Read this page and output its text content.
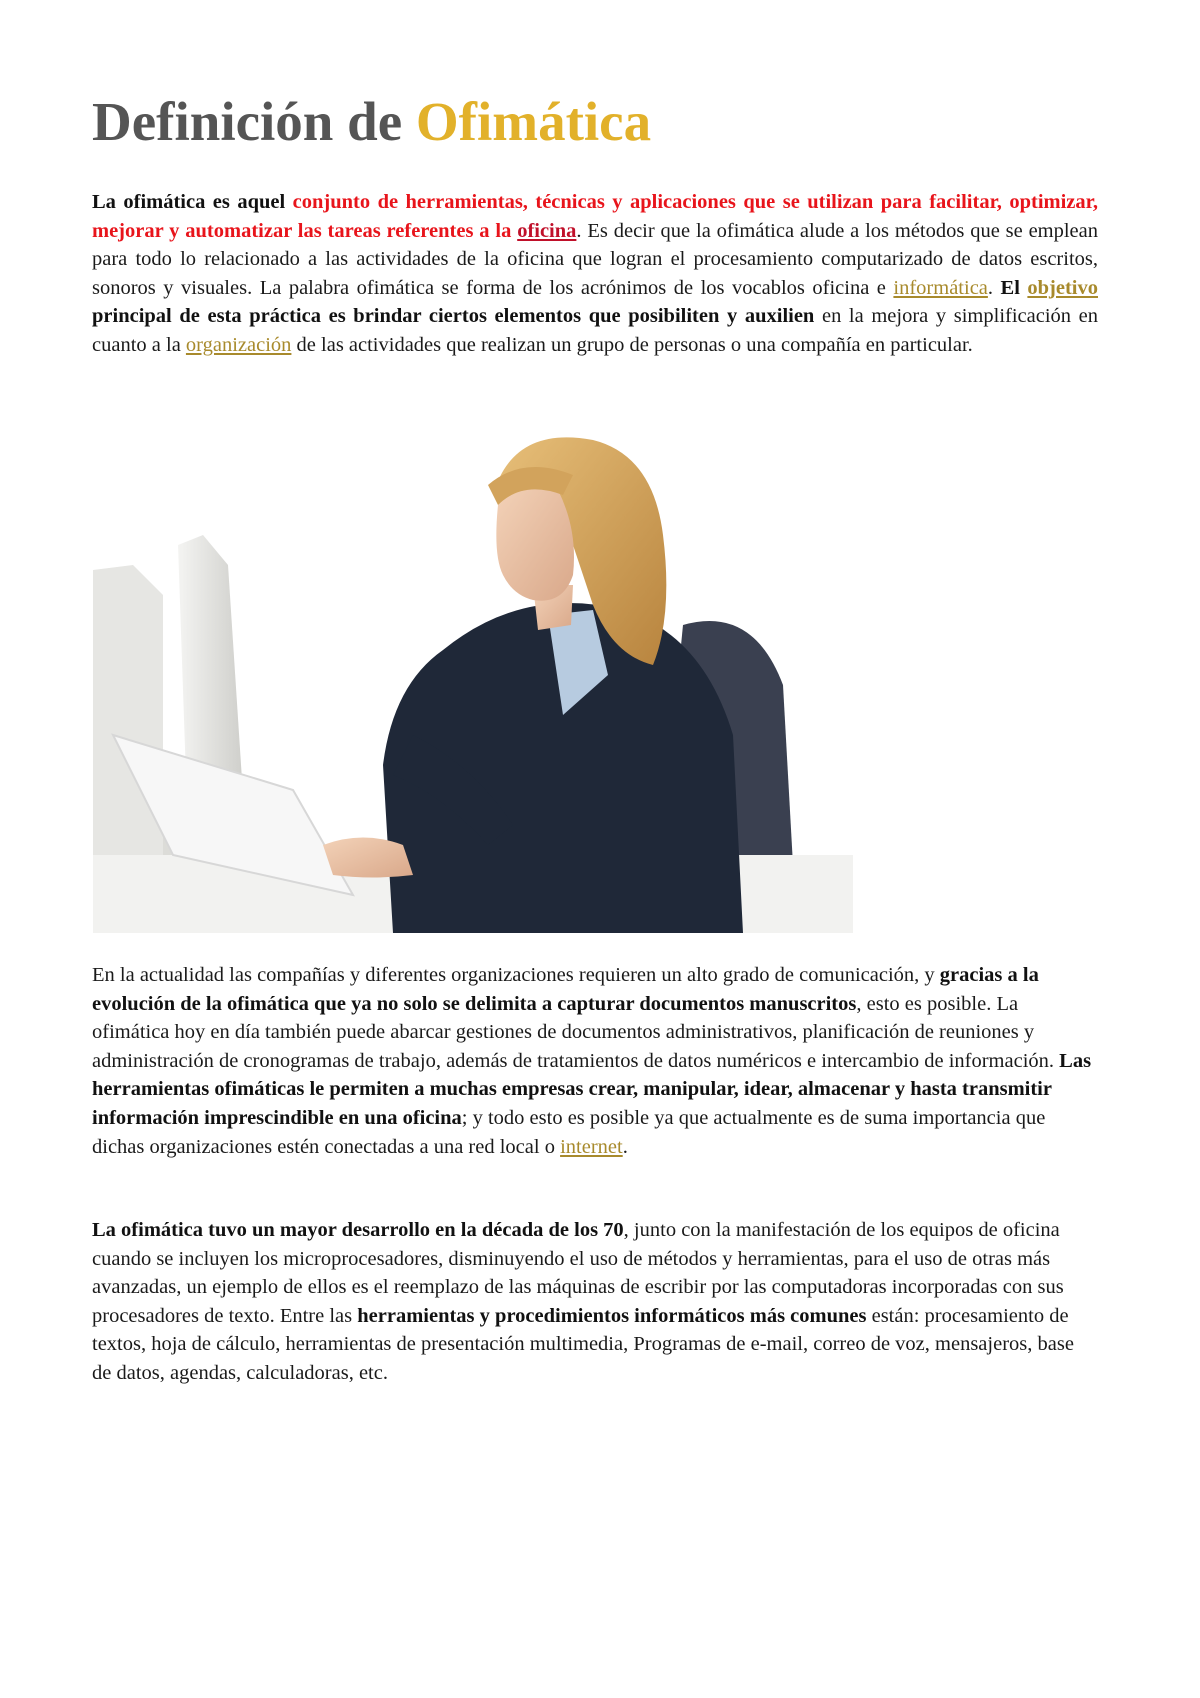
Definición de Ofimática

La ofimática es aquel conjunto de herramientas, técnicas y aplicaciones que se utilizan para facilitar, optimizar, mejorar y automatizar las tareas referentes a la oficina. Es decir que la ofimática alude a los métodos que se emplean para todo lo relacionado a las actividades de la oficina que logran el procesamiento computarizado de datos escritos, sonoros y visuales. La palabra ofimática se forma de los acrónimos de los vocablos oficina e informática. El objetivo principal de esta práctica es brindar ciertos elementos que posibiliten y auxilien en la mejora y simplificación en cuanto a la organización de las actividades que realizan un grupo de personas o una compañía en particular.

En la actualidad las compañías y diferentes organizaciones requieren un alto grado de comunicación, y gracias a la evolución de la ofimática que ya no solo se delimita a capturar documentos manuscritos, esto es posible. La ofimática hoy en día también puede abarcar gestiones de documentos administrativos, planificación de reuniones y administración de cronogramas de trabajo, además de tratamientos de datos numéricos e intercambio de información. Las herramientas ofimáticas le permiten a muchas empresas crear, manipular, idear, almacenar y hasta transmitir información imprescindible en una oficina; y todo esto es posible ya que actualmente es de suma importancia que dichas organizaciones estén conectadas a una red local o internet.

La ofimática tuvo un mayor desarrollo en la década de los 70, junto con la manifestación de los equipos de oficina cuando se incluyen los microprocesadores, disminuyendo el uso de métodos y herramientas, para el uso de otras más avanzadas, un ejemplo de ellos es el reemplazo de las máquinas de escribir por las computadoras incorporadas con sus procesadores de texto. Entre las herramientas y procedimientos informáticos más comunes están: procesamiento de textos, hoja de cálculo, herramientas de presentación multimedia, Programas de e-mail, correo de voz, mensajeros, base de datos, agendas, calculadoras, etc.
